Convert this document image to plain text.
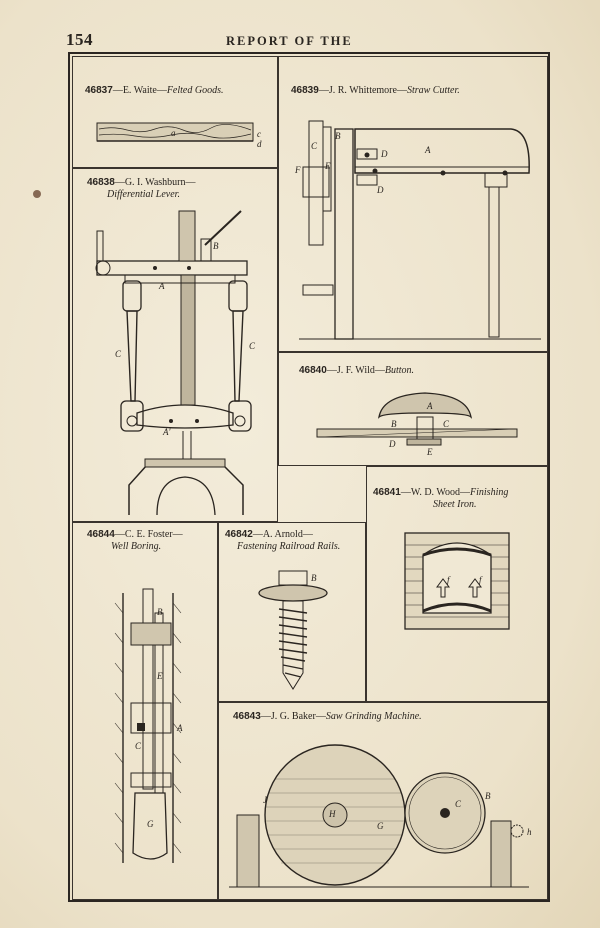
154	REPORT OF THE
46837—E. Waite—Felted Goods.
a	c
d
46838—G. I. Washburn—
Differential Lever.
A
C
C
A'
B
46839—J. R. Whittemore—Straw Cutter.
A
B
C
D
D
E
F
46840—J. F. Wild—Button.
A
B	C
D
E
46841—W. D. Wood—Finishing
Sheet Iron.
f	f
46844—C. E. Foster—
Well Boring.
B
E
A
C
G
46842—A. Arnold—
Fastening Railroad Rails.
B
46843—J. G. Baker—Saw Grinding Machine.
J
H
G
C
B
h
